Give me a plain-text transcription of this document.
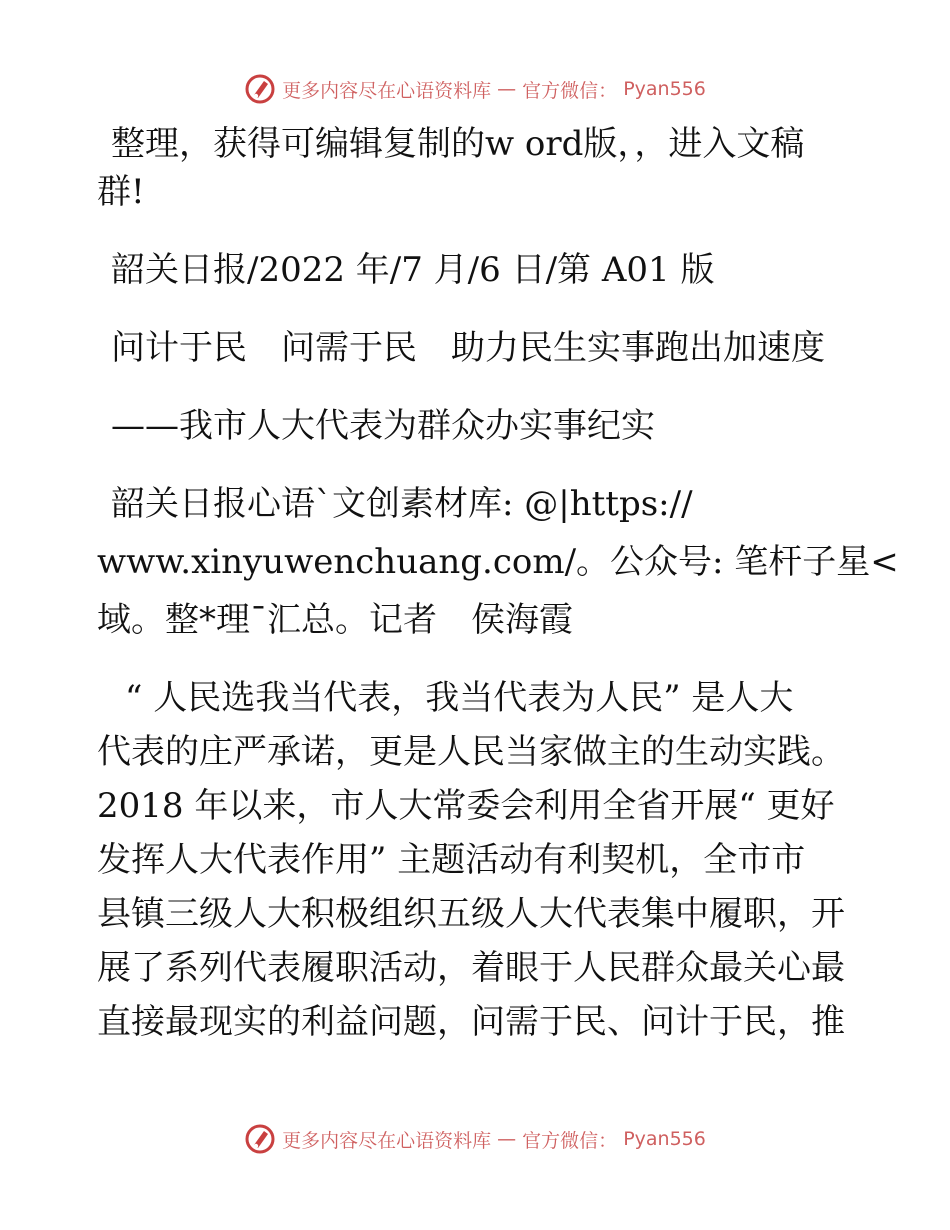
更多内容尽在心语资料库 — 官方微信： Pyan556

整理，获得可编辑复制的w ord版，，进入文稿

群!

韶关日报/2022 年/7 月/6 日/第 A01 版

问计于民　问需于民　助力民生实事跑出加速度

——我市人大代表为群众办实事纪实

韶关日报心语`文创素材库: @|https://

www.xinyuwenchuang.com/。公众号: 笔杆子星<

域。整*理¯汇总。记者　侯海霞

“ 人民选我当代表，我当代表为人民” 是人大

代表的庄严承诺，更是人民当家做主的生动实践。

2018 年以来，市人大常委会利用全省开展“ 更好

发挥人大代表作用” 主题活动有利契机，全市市

县镇三级人大积极组织五级人大代表集中履职，开

展了系列代表履职活动，着眼于人民群众最关心最

直接最现实的利益问题，问需于民、问计于民，推

更多内容尽在心语资料库 — 官方微信： Pyan556
